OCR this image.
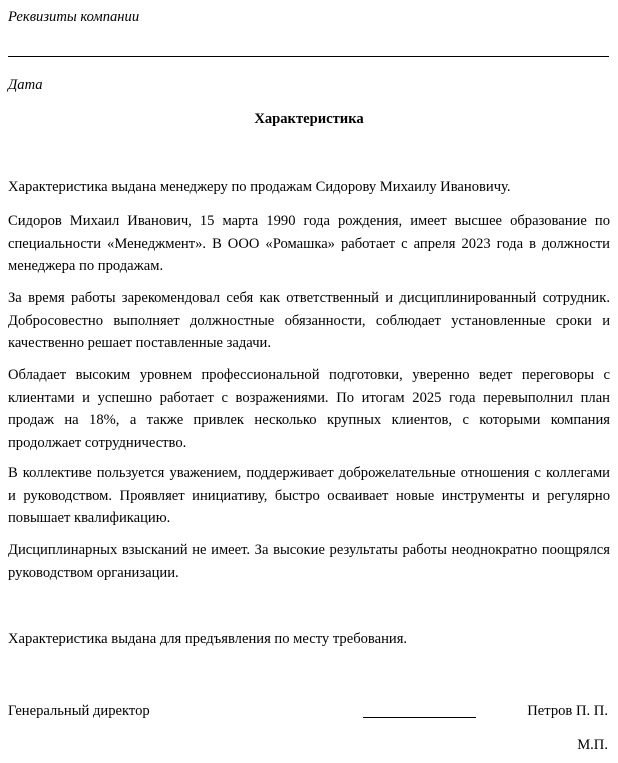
Реквизиты компании
Дата
Характеристика

Характеристика выдана менеджеру по продажам Сидорову Михаилу Ивановичу.

Сидоров Михаил Иванович, 15 марта 1990 года рождения, имеет высшее образование по специальности «Менеджмент». В ООО «Ромашка» работает с апреля 2023 года в должности менеджера по продажам.

За время работы зарекомендовал себя как ответственный и дисциплинированный сотрудник. Добросовестно выполняет должностные обязанности, соблюдает установленные сроки и качественно решает поставленные задачи.

Обладает высоким уровнем профессиональной подготовки, уверенно ведет переговоры с клиентами и успешно работает с возражениями. По итогам 2025 года перевыполнил план продаж на 18%, а также привлек несколько крупных клиентов, с которыми компания продолжает сотрудничество.

В коллективе пользуется уважением, поддерживает доброжелательные отношения с коллегами и руководством. Проявляет инициативу, быстро осваивает новые инструменты и регулярно повышает квалификацию.

Дисциплинарных взысканий не имеет. За высокие результаты работы неоднократно поощрялся руководством организации.

Характеристика выдана для предъявления по месту требования.

Генеральный директор	Петров П. П.
М.П.
